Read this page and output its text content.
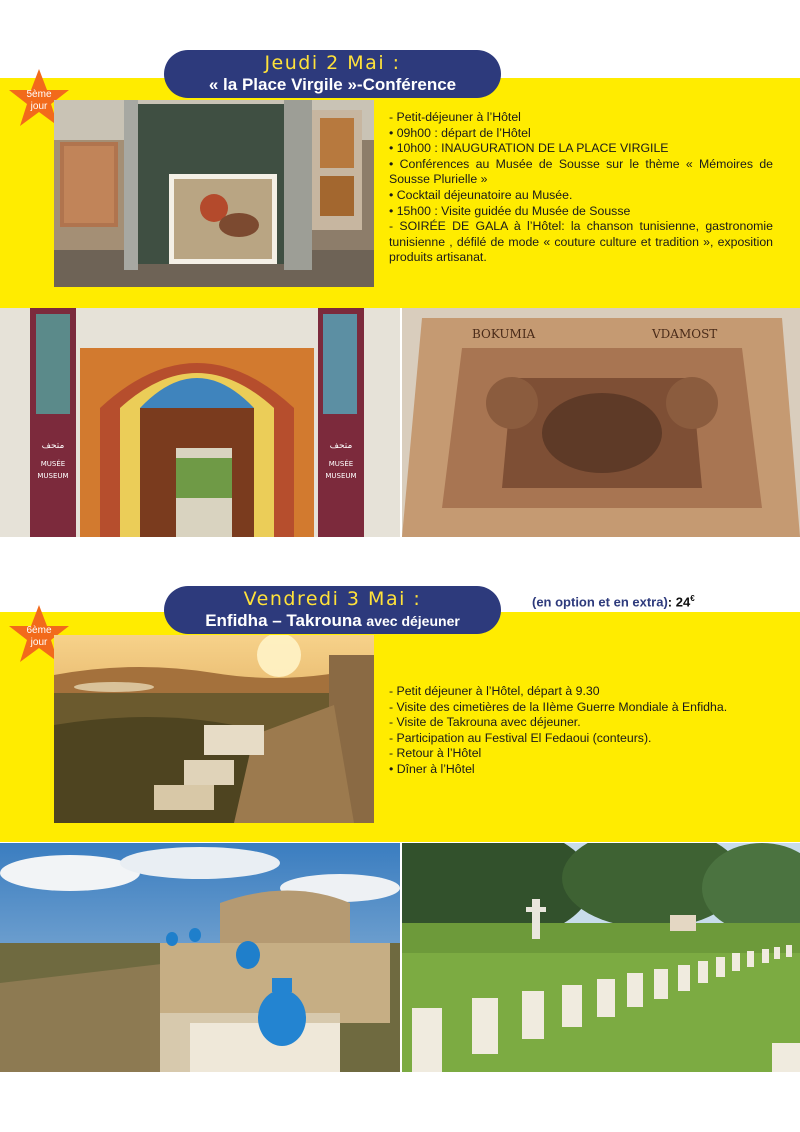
Jeudi 2 Mai :
« la Place Virgile »-Conférence
5ème
jour

- Petit-déjeuner à l’Hôtel

• 09h00 : départ de l’Hôtel

• 10h00 : INAUGURATION DE LA PLACE VIRGILE

• Conférences au Musée de Sousse sur le thème « Mémoires de Sousse Plurielle »

• Cocktail déjeunatoire au Musée.

• 15h00 : Visite guidée du Musée de Sousse

- SOIRÉE DE GALA à l’Hôtel: la chanson tunisienne, gastronomie tunisienne , défilé de mode « couture culture et tradition », exposition produits artisanat.

متحف
MUSÉE
MUSEUM
متحف
MUSÉE
MUSEUM
BOKUMIA	VDAMOST
Vendredi 3 Mai :
Enfidha – Takrouna avec déjeuner
(en option et en extra): 24€
6ème
jour

- Petit déjeuner à l’Hôtel, départ à 9.30

- Visite des cimetières de la IIème Guerre Mondiale à Enfidha.

- Visite de Takrouna avec déjeuner.

- Participation au Festival El Fedaoui (conteurs).

- Retour à l’Hôtel

• Dîner à l’Hôtel
